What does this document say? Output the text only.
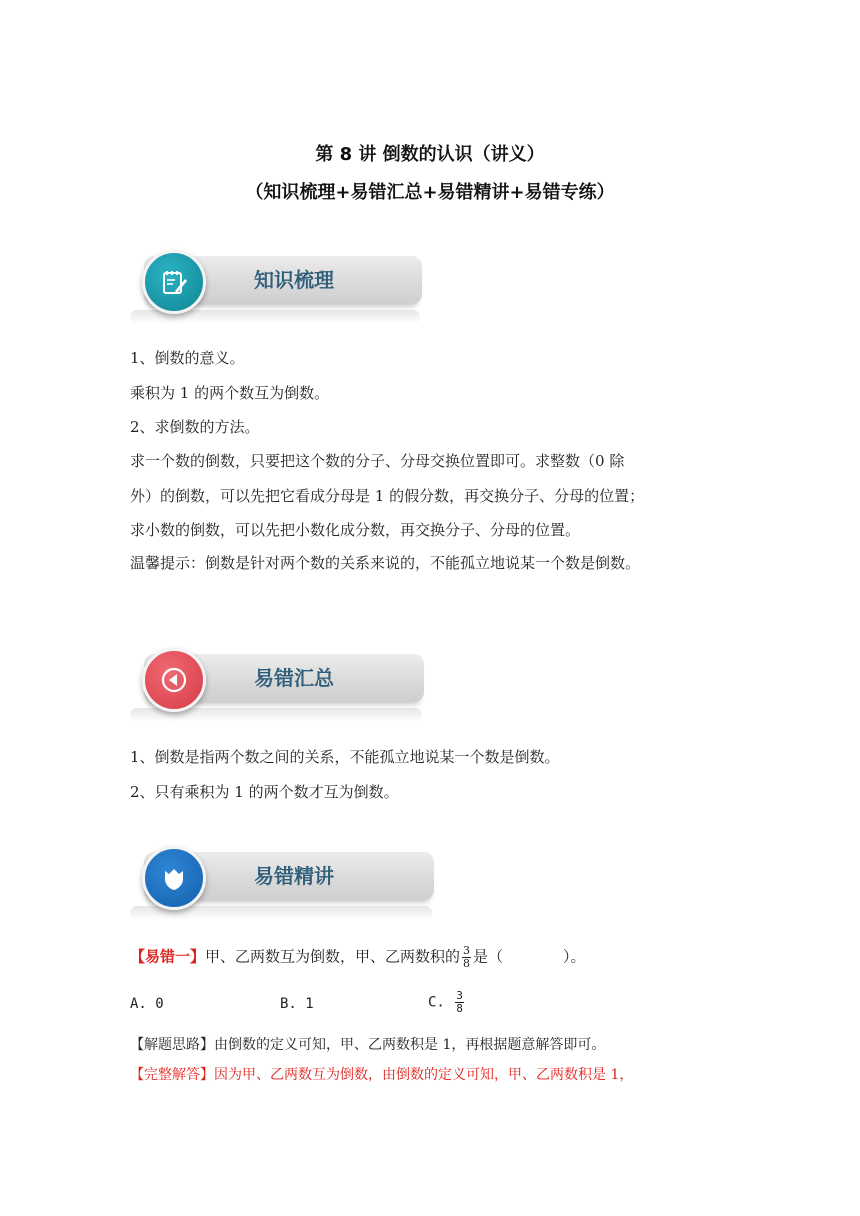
第 8 讲 倒数的认识（讲义）
（知识梳理+易错汇总+易错精讲+易错专练）
知识梳理
1、倒数的意义。
乘积为 1 的两个数互为倒数。
2、求倒数的方法。
求一个数的倒数，只要把这个数的分子、分母交换位置即可。求整数（0 除
外）的倒数，可以先把它看成分母是 1 的假分数，再交换分子、分母的位置；
求小数的倒数，可以先把小数化成分数，再交换分子、分母的位置。
温馨提示：倒数是针对两个数的关系来说的，不能孤立地说某一个数是倒数。
易错汇总
1、倒数是指两个数之间的关系，不能孤立地说某一个数是倒数。
2、只有乘积为 1 的两个数才互为倒数。
易错精讲
【易错一】甲、乙两数互为倒数，甲、乙两数积的 $\frac{3}{8}$ 是（　　　　）。
A. 0	B. 1	C. $\frac{3}{8}$
【解题思路】由倒数的定义可知，甲、乙两数积是 1，再根据题意解答即可。
【完整解答】因为甲、乙两数互为倒数，由倒数的定义可知，甲、乙两数积是 1，
